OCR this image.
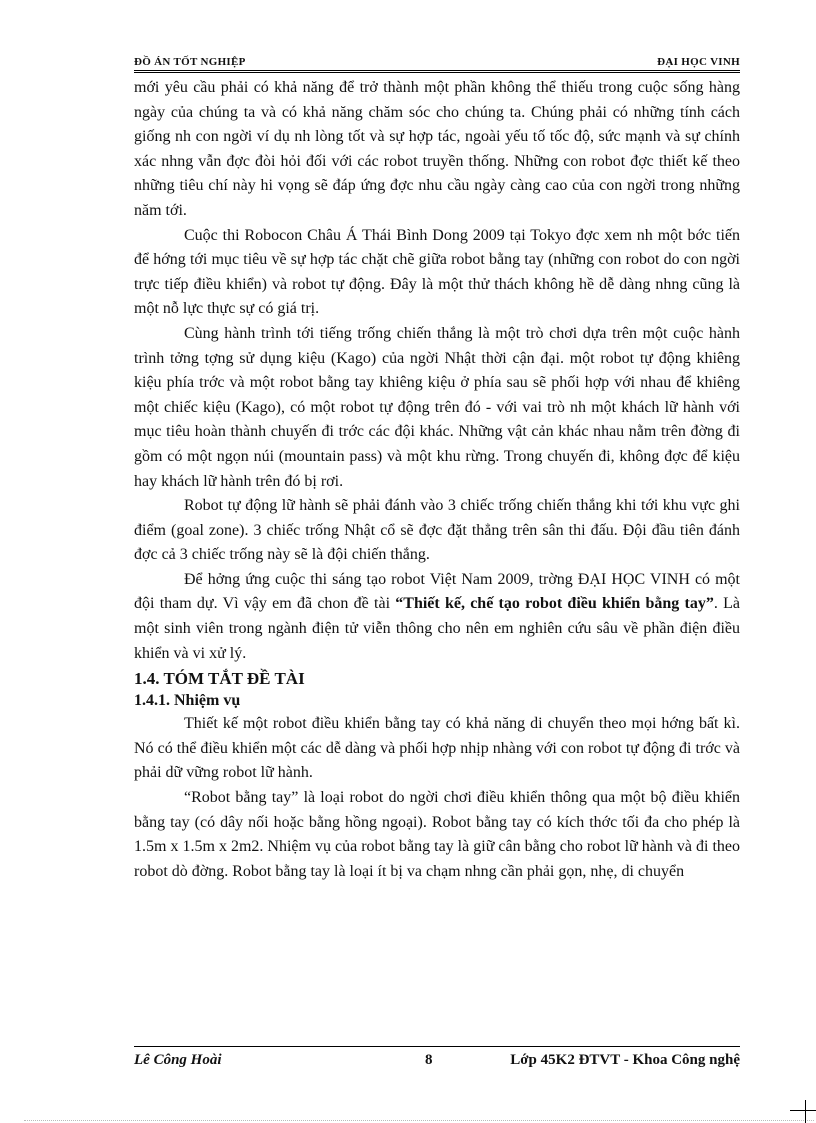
ĐỒ ÁN TỐT NGHIỆP	ĐẠI HỌC VINH

mới yêu cầu phải có khả năng để trở thành một phần không thể thiếu trong cuộc sống hàng ngày của chúng ta và có khả năng chăm sóc cho chúng ta. Chúng phải có những tính cách giống nh con ngời ví dụ nh lòng tốt và sự hợp tác, ngoài yếu tố tốc độ, sức mạnh và sự chính xác nhng vẫn đợc đòi hỏi đối với các robot truyền thống. Những con robot đợc thiết kế theo những tiêu chí này hi vọng sẽ đáp ứng đợc nhu cầu ngày càng cao của con ngời trong những năm tới.

Cuộc thi Robocon Châu Á Thái Bình Dong 2009 tại Tokyo đợc xem nh một bớc tiến để hớng tới mục tiêu về sự hợp tác chặt chẽ giữa robot bằng tay (những con robot do con ngời trực tiếp điều khiển) và robot tự động. Đây là một thử thách không hề dễ dàng nhng cũng là một nỗ lực thực sự có giá trị.

Cùng hành trình tới tiếng trống chiến thắng là một trò chơi dựa trên một cuộc hành trình tởng tợng sử dụng kiệu (Kago) của ngời Nhật thời cận đại. một robot tự động khiêng kiệu phía trớc và một robot bằng tay khiêng kiệu ở phía sau sẽ phối hợp với nhau để khiêng một chiếc kiệu (Kago), có một robot tự động trên đó - với vai trò nh một khách lữ hành với mục tiêu hoàn thành chuyến đi trớc các đội khác. Những vật cản khác nhau nằm trên đờng đi gồm có một ngọn núi (mountain pass) và một khu rừng. Trong chuyến đi, không đợc để kiệu hay khách lữ hành trên đó bị rơi.

Robot tự động lữ hành sẽ phải đánh vào 3 chiếc trống chiến thắng khi tới khu vực ghi điểm (goal zone). 3 chiếc trống Nhật cổ sẽ đợc đặt thẳng trên sân thi đấu. Đội đầu tiên đánh đợc cả 3 chiếc trống này sẽ là đội chiến thắng.

Để hởng ứng cuộc thi sáng tạo robot Việt Nam 2009, trờng ĐẠI HỌC VINH có một đội tham dự. Vì vậy em đã chon đề tài “Thiết kế, chế tạo robot điều khiển bằng tay”. Là một sinh viên trong ngành điện tử viễn thông cho nên em nghiên cứu sâu về phần điện điều khiển và vi xử lý.

1.4. TÓM TẮT ĐỀ TÀI
1.4.1. Nhiệm vụ

Thiết kế một robot điều khiển bằng tay có khả năng di chuyển theo mọi hớng bất kì. Nó có thể điều khiển một các dễ dàng và phối hợp nhịp nhàng với con robot tự động đi trớc và phải dữ vững robot lữ hành.

“Robot bằng tay” là loại robot do ngời chơi điều khiển thông qua một bộ điều khiển bằng tay (có dây nối hoặc bằng hồng ngoại). Robot bằng tay có kích thớc tối đa cho phép là 1.5m x 1.5m x 2m2. Nhiệm vụ của robot bằng tay là giữ cân bằng cho robot lữ hành và đi theo robot dò đờng. Robot bằng tay là loại ít bị va chạm nhng cần phải gọn, nhẹ, di chuyển

Lê Công Hoài	8	Lớp 45K2 ĐTVT - Khoa Công nghệ
